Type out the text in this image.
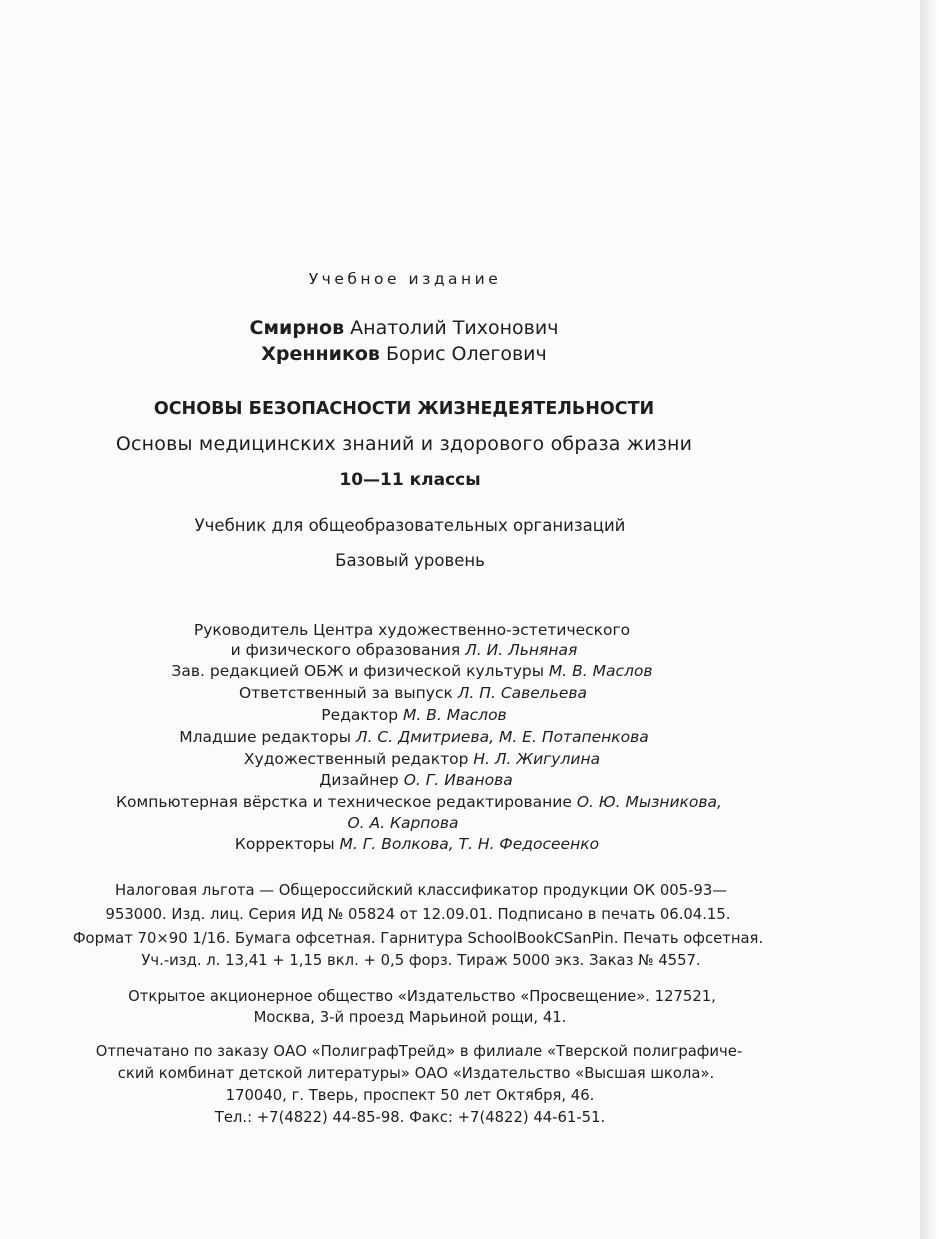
Учебное издание
Смирнов Анатолий Тихонович
Хренников Борис Олегович
ОСНОВЫ БЕЗОПАСНОСТИ ЖИЗНЕДЕЯТЕЛЬНОСТИ
Основы медицинских знаний и здорового образа жизни
10—11 классы
Учебник для общеобразовательных организаций
Базовый уровень
Руководитель Центра художественно-эстетического
и физического образования Л. И. Льняная
Зав. редакцией ОБЖ и физической культуры М. В. Маслов
Ответственный за выпуск Л. П. Савельева
Редактор М. В. Маслов
Младшие редакторы Л. С. Дмитриева, М. Е. Потапенкова
Художественный редактор Н. Л. Жигулина
Дизайнер О. Г. Иванова
Компьютерная вёрстка и техническое редактирование О. Ю. Мызникова,
О. А. Карпова
Корректоры М. Г. Волкова, Т. Н. Федосеенко
Налоговая льгота — Общероссийский классификатор продукции ОК 005-93—
953000. Изд. лиц. Серия ИД № 05824 от 12.09.01. Подписано в печать 06.04.15.
Формат 70×90 1/16. Бумага офсетная. Гарнитура SchoolBookCSanPin. Печать офсетная.
Уч.-изд. л. 13,41 + 1,15 вкл. + 0,5 форз. Тираж 5000 экз. Заказ № 4557.
Открытое акционерное общество «Издательство «Просвещение». 127521,
Москва, 3-й проезд Марьиной рощи, 41.
Отпечатано по заказу ОАО «ПолиграфТрейд» в филиале «Тверской полиграфиче-
ский комбинат детской литературы» ОАО «Издательство «Высшая школа».
170040, г. Тверь, проспект 50 лет Октября, 46.
Тел.: +7(4822) 44-85-98. Факс: +7(4822) 44-61-51.
